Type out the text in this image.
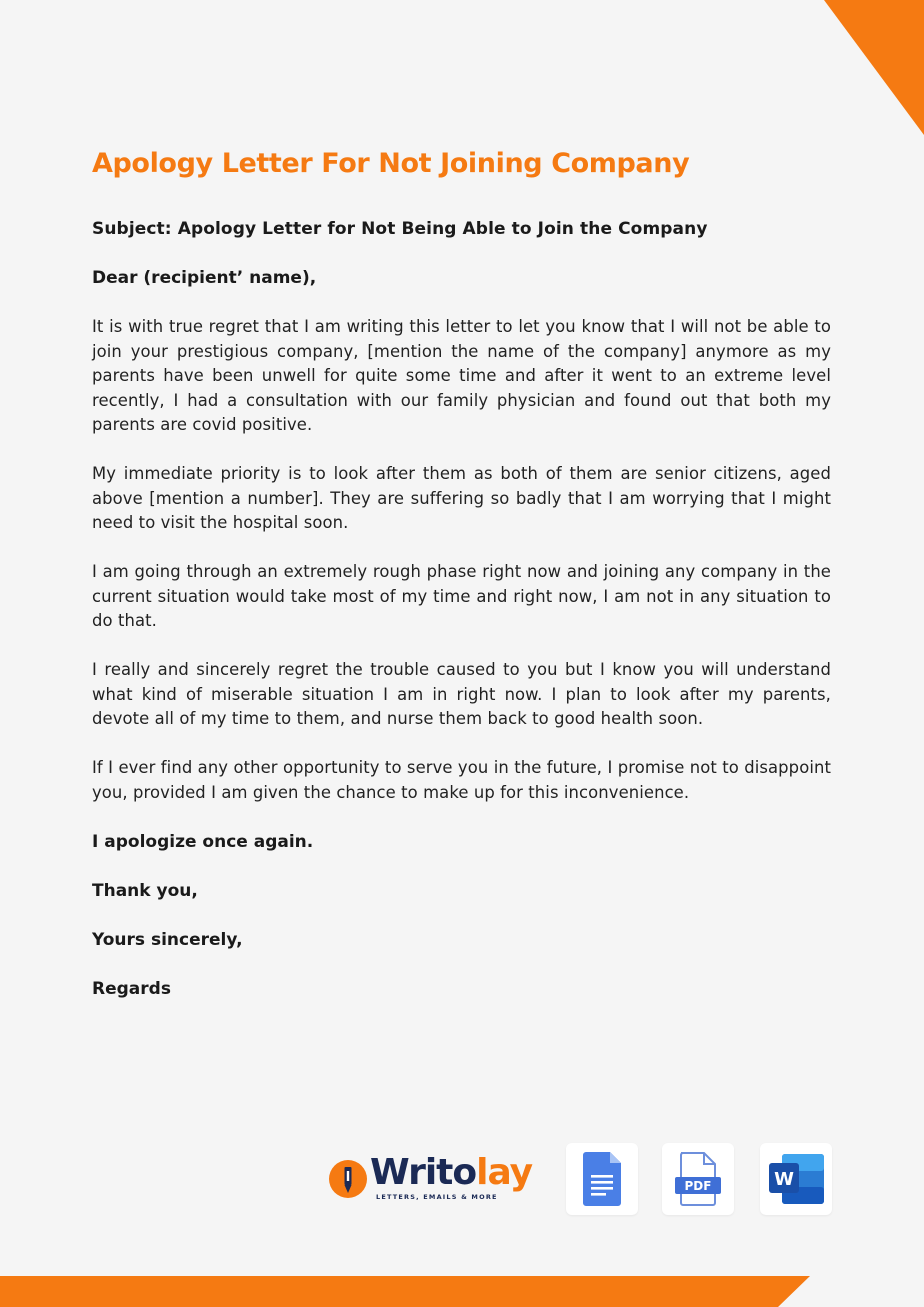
Apology Letter For Not Joining Company

Subject: Apology Letter for Not Being Able to Join the Company

Dear (recipient’ name),

It is with true regret that I am writing this letter to let you know that I will not be able to join your prestigious company, [mention the name of the company] anymore as my parents have been unwell for quite some time and after it went to an extreme level recently, I had a consultation with our family physician and found out that both my parents are covid positive.

My immediate priority is to look after them as both of them are senior citizens, aged above [mention a number]. They are suffering so badly that I am worrying that I might need to visit the hospital soon.

I am going through an extremely rough phase right now and joining any company in the current situation would take most of my time and right now, I am not in any situation to do that.

I really and sincerely regret the trouble caused to you but I know you will understand what kind of miserable situation I am in right now. I plan to look after my parents, devote all of my time to them, and nurse them back to good health soon.

If I ever find any other opportunity to serve you in the future, I promise not to disappoint you, provided I am given the chance to make up for this inconvenience.

I apologize once again.

Thank you,

Yours sincerely,

Regards

Writolay
LETTERS, EMAILS & MORE
PDF	W
